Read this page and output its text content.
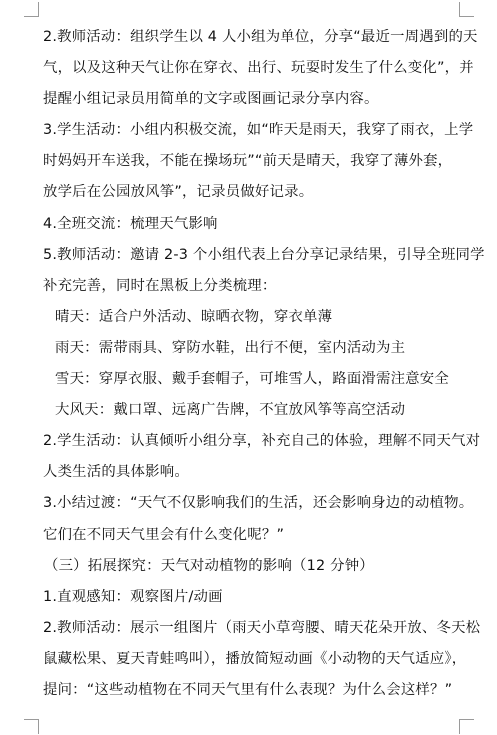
2.教师活动：组织学生以 4 人小组为单位，分享“最近一周遇到的天
气，以及这种天气让你在穿衣、出行、玩耍时发生了什么变化”，并
提醒小组记录员用简单的文字或图画记录分享内容。
3.学生活动：小组内积极交流，如“昨天是雨天，我穿了雨衣，上学
时妈妈开车送我，不能在操场玩”“前天是晴天，我穿了薄外套，
放学后在公园放风筝”，记录员做好记录。
4.全班交流：梳理天气影响
5.教师活动：邀请 2-3 个小组代表上台分享记录结果，引导全班同学
补充完善，同时在黑板上分类梳理：
晴天：适合户外活动、晾晒衣物，穿衣单薄
雨天：需带雨具、穿防水鞋，出行不便，室内活动为主
雪天：穿厚衣服、戴手套帽子，可堆雪人，路面滑需注意安全
大风天：戴口罩、远离广告牌，不宜放风筝等高空活动
2.学生活动：认真倾听小组分享，补充自己的体验，理解不同天气对
人类生活的具体影响。
3.小结过渡：“天气不仅影响我们的生活，还会影响身边的动植物。
它们在不同天气里会有什么变化呢？”
（三）拓展探究：天气对动植物的影响（12 分钟）
1.直观感知：观察图片/动画
2.教师活动：展示一组图片（雨天小草弯腰、晴天花朵开放、冬天松
鼠藏松果、夏天青蛙鸣叫），播放简短动画《小动物的天气适应》，
提问：“这些动植物在不同天气里有什么表现？为什么会这样？”
